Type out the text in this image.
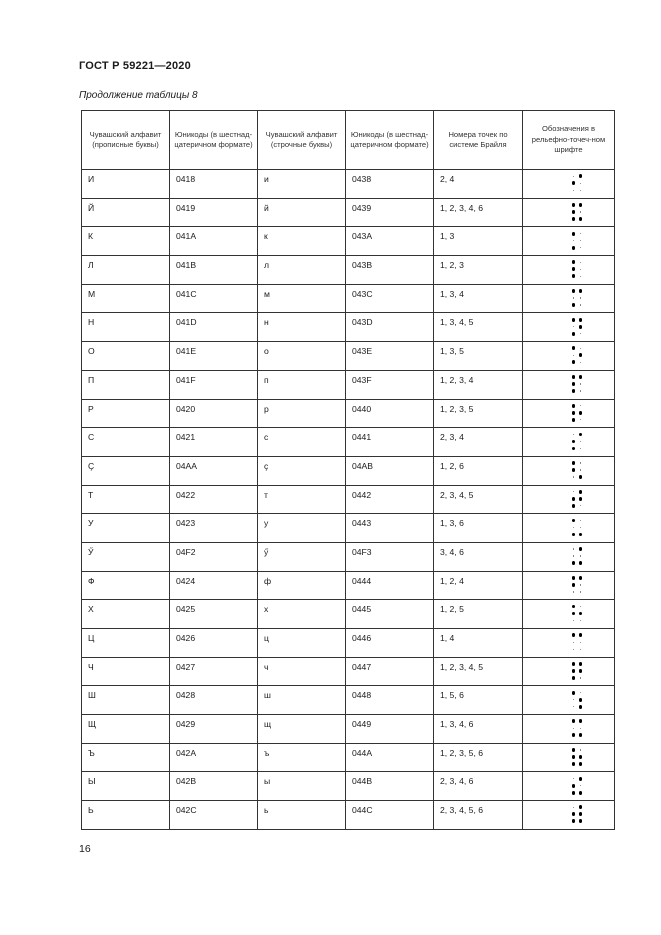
ГОСТ Р 59221—2020
Продолжение таблицы 8
Чувашский алфавит (прописные буквы)	Юникоды (в шестнад-цатеричном формате)	Чувашский алфавит (строчные буквы)	Юникоды (в шестнад-цатеричном формате)	Номера точек по системе Брайля	Обозначения в рельефно-точеч-ном шрифте

И	0418	и	0438	2, 4	

Й	0419	й	0439	1, 2, 3, 4, 6	

К	041A	к	043A	1, 3	

Л	041B	л	043B	1, 2, 3	

М	041C	м	043C	1, 3, 4	

Н	041D	н	043D	1, 3, 4, 5	

О	041E	о	043E	1, 3, 5	

П	041F	п	043F	1, 2, 3, 4	

Р	0420	р	0440	1, 2, 3, 5	

С	0421	с	0441	2, 3, 4	

Ç	04AA	ç	04AB	1, 2, 6	

Т	0422	т	0442	2, 3, 4, 5	

У	0423	у	0443	1, 3, 6	

Ӳ	04F2	ӳ	04F3	3, 4, 6	

Ф	0424	ф	0444	1, 2, 4	

Х	0425	х	0445	1, 2, 5	

Ц	0426	ц	0446	1, 4	

Ч	0427	ч	0447	1, 2, 3, 4, 5	

Ш	0428	ш	0448	1, 5, 6	

Щ	0429	щ	0449	1, 3, 4, 6	

Ъ	042A	ъ	044A	1, 2, 3, 5, 6	

Ы	042B	ы	044B	2, 3, 4, 6	

Ь	042C	ь	044C	2, 3, 4, 5, 6	

16
